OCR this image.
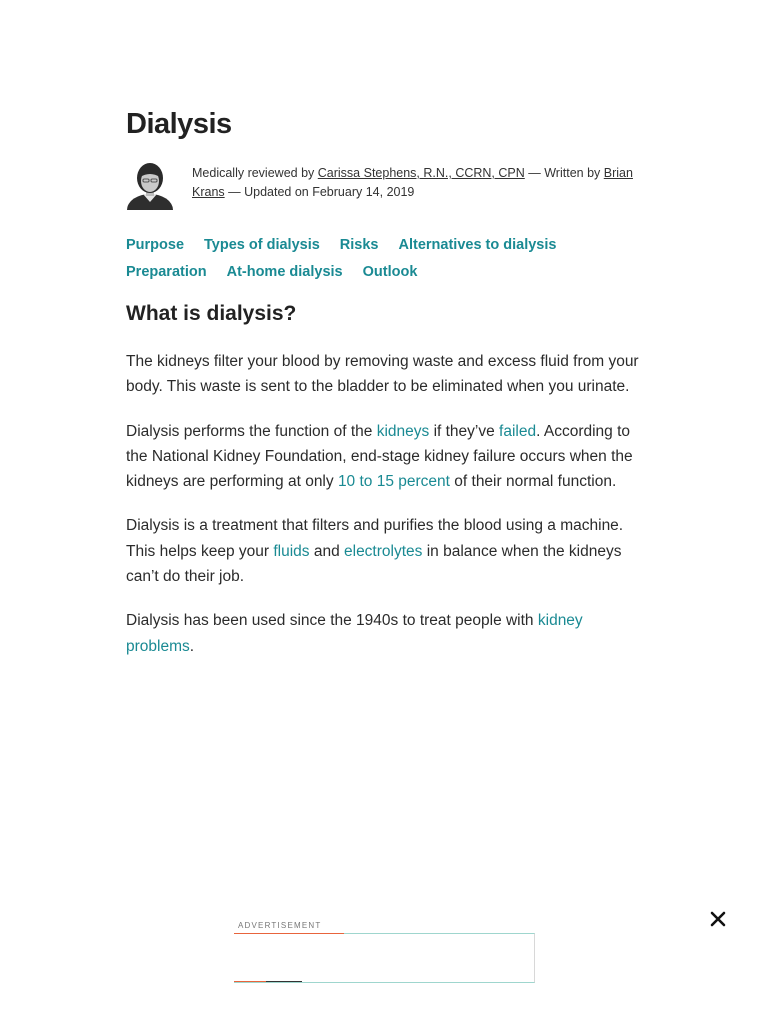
Dialysis
Medically reviewed by Carissa Stephens, R.N., CCRN, CPN — Written by Brian Krans — Updated on February 14, 2019
Purpose Types of dialysis Risks Alternatives to dialysis
Preparation At-home dialysis Outlook
What is dialysis?

The kidneys filter your blood by removing waste and excess fluid from your body. This waste is sent to the bladder to be eliminated when you urinate.

Dialysis performs the function of the kidneys if they’ve failed. According to the National Kidney Foundation, end-stage kidney failure occurs when the kidneys are performing at only 10 to 15 percent of their normal function.

Dialysis is a treatment that filters and purifies the blood using a machine. This helps keep your fluids and electrolytes in balance when the kidneys can’t do their job.

Dialysis has been used since the 1940s to treat people with kidney problems.

ADVERTISEMENT
